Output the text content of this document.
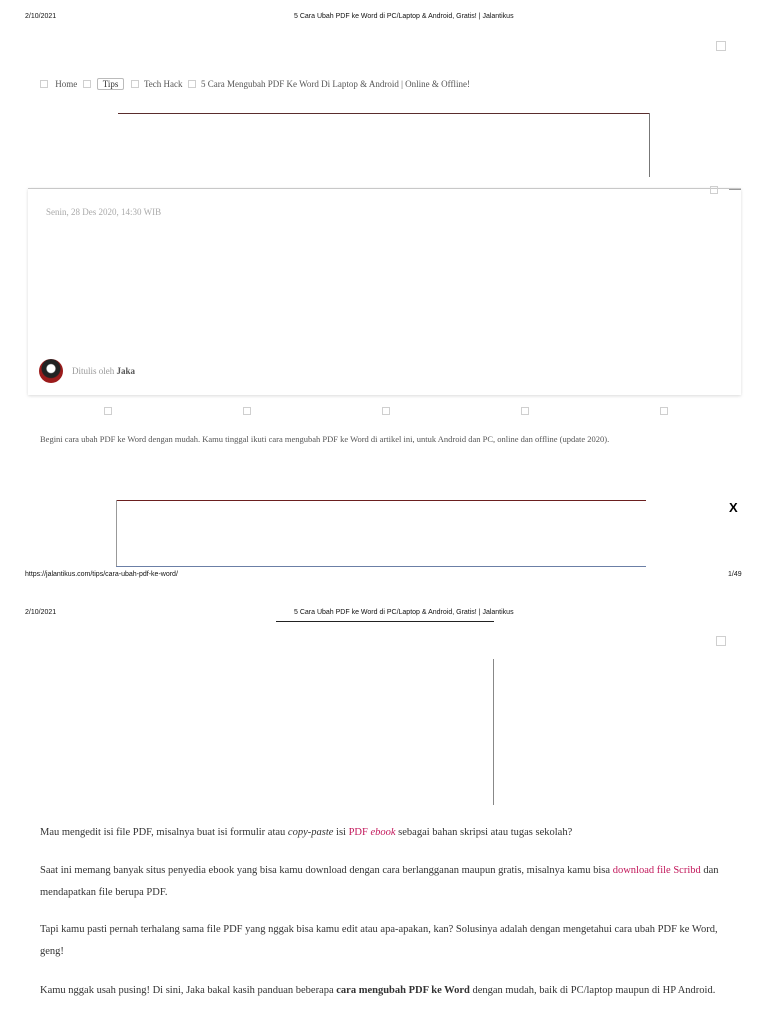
2/10/2021	5 Cara Ubah PDF ke Word di PC/Laptop & Android, Gratis! | Jalantikus
Home	Tips	Tech Hack 5 Cara Mengubah PDF Ke Word Di Laptop & Android | Online & Offline!
Senin, 28 Des 2020, 14:30 WIB
Ditulis oleh Jaka
Begini cara ubah PDF ke Word dengan mudah. Kamu tinggal ikuti cara mengubah PDF ke Word di artikel ini, untuk Android dan PC, online dan offline (update 2020).
X
https://jalantikus.com/tips/cara-ubah-pdf-ke-word/	1/49
2/10/2021	5 Cara Ubah PDF ke Word di PC/Laptop & Android, Gratis! | Jalantikus
Mau mengedit isi file PDF, misalnya buat isi formulir atau copy-paste isi PDF ebook sebagai bahan skripsi atau tugas sekolah?
Saat ini memang banyak situs penyedia ebook yang bisa kamu download dengan cara berlangganan maupun gratis, misalnya kamu bisa download file Scribd dan mendapatkan file berupa PDF.
Tapi kamu pasti pernah terhalang sama file PDF yang nggak bisa kamu edit atau apa-apakan, kan? Solusinya adalah dengan mengetahui cara ubah PDF ke Word, geng!
Kamu nggak usah pusing! Di sini, Jaka bakal kasih panduan beberapa cara mengubah PDF ke Word dengan mudah, baik di PC/laptop maupun di HP Android.
